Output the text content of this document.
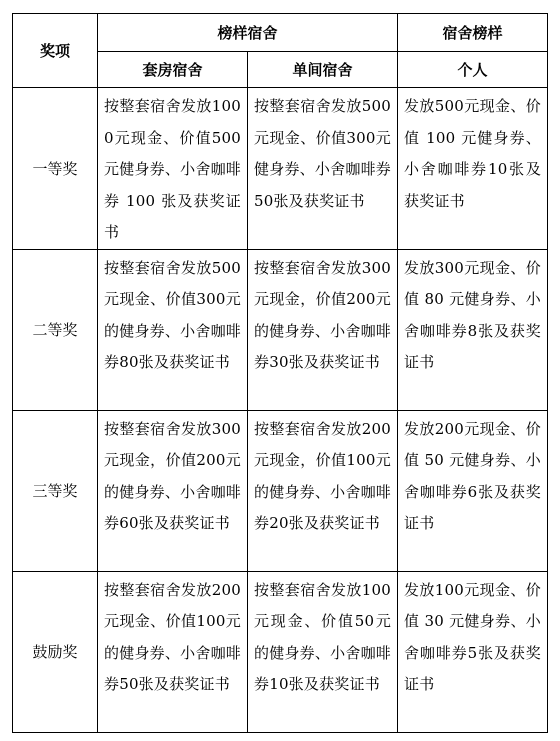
奖项	榜样宿舍		宿舍榜样
	套房宿舍	单间宿舍	个人
一等奖	按整套宿舍发放1000元现金、价值500元健身券、小舍咖啡券 100 张及获奖证书	按整套宿舍发放500元现金、价值300元健身券、小舍咖啡券50张及获奖证书	发放500元现金、价值 100 元健身券、小舍咖啡券10张及获奖证书
二等奖	按整套宿舍发放500元现金、价值300元的健身券、小舍咖啡券80张及获奖证书	按整套宿舍发放300元现金，价值200元的健身券、小舍咖啡券30张及获奖证书	发放300元现金、价值 80 元健身券、小舍咖啡券8张及获奖证书
三等奖	按整套宿舍发放300元现金，价值200元的健身券、小舍咖啡券60张及获奖证书	按整套宿舍发放200元现金，价值100元的健身券、小舍咖啡券20张及获奖证书	发放200元现金、价值 50 元健身券、小舍咖啡券6张及获奖证书
鼓励奖	按整套宿舍发放200元现金、价值100元的健身券、小舍咖啡券50张及获奖证书	按整套宿舍发放100元现金、价值50元的健身券、小舍咖啡券10张及获奖证书	发放100元现金、价值 30 元健身券、小舍咖啡券5张及获奖证书
